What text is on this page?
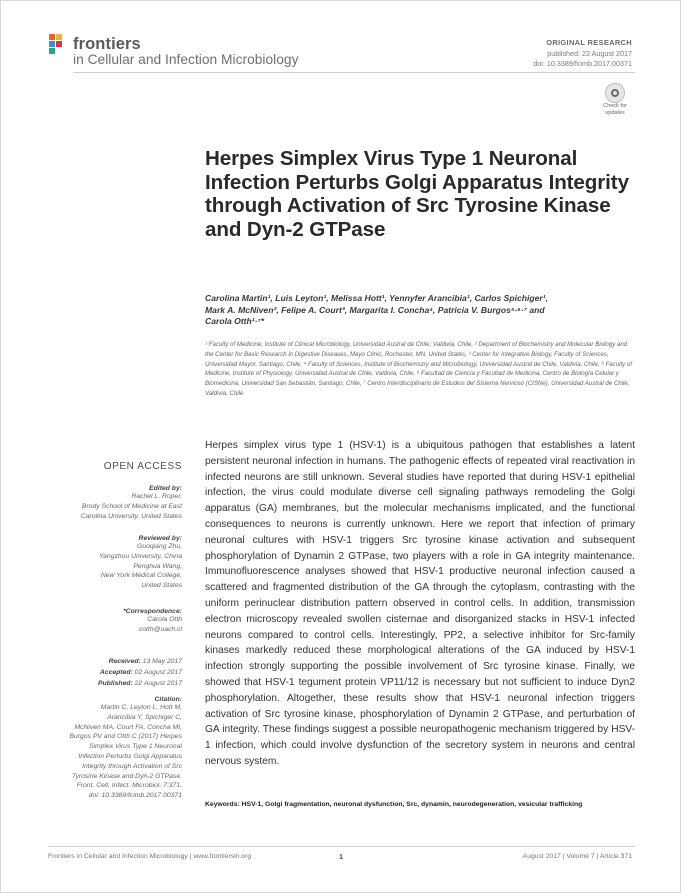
frontiers
in Cellular and Infection Microbiology
ORIGINAL RESEARCH
published: 22 August 2017
doi: 10.3389/fcimb.2017.00371
Check for updates
Herpes Simplex Virus Type 1 Neuronal Infection Perturbs Golgi Apparatus Integrity through Activation of Src Tyrosine Kinase and Dyn-2 GTPase
Carolina Martin¹, Luis Leyton¹, Melissa Hott¹, Yennyfer Arancibia¹, Carlos Spichiger¹,
Mark A. McNiven², Felipe A. Court³, Margarita I. Concha⁴, Patricia V. Burgos⁵·⁶·⁷ and
Carola Otth¹·⁷*
¹ Faculty of Medicine, Institute of Clinical Microbiology, Universidad Austral de Chile, Valdivia, Chile, ² Department of Biochemistry and Molecular Biology and the Center for Basic Research in Digestive Diseases, Mayo Clinic, Rochester, MN, United States, ³ Center for Integrative Biology, Faculty of Sciences, Universidad Mayor, Santiago, Chile, ⁴ Faculty of Sciences, Institute of Biochemistry and Microbiology, Universidad Austral de Chile, Valdivia, Chile, ⁵ Faculty of Medicine, Institute of Physiology, Universidad Austral de Chile, Valdivia, Chile, ⁶ Facultad de Ciencia y Facultad de Medicina, Centro de Biología Celular y Biomedicina, Universidad San Sebastián, Santiago, Chile, ⁷ Centro Interdisciplinario de Estudios del Sistema Nervioso (CISNe), Universidad Austral de Chile, Valdivia, Chile
OPEN ACCESS
Edited by:
Rachel L. Roper,
Brody School of Medicine at East
Carolina University, United States
Reviewed by:
Guoqiang Zhu,
Yangzhou University, China
Penghua Wang,
New York Medical College,
United States
*Correspondence:
Carola Otth
cotth@uach.cl
Received: 13 May 2017
Accepted: 02 August 2017
Published: 22 August 2017
Citation:
Martin C, Leyton L, Hott M,
Arancibia Y, Spichiger C,
McNiven MA, Court FA, Concha MI,
Burgos PV and Otth C (2017) Herpes
Simplex Virus Type 1 Neuronal
Infection Perturbs Golgi Apparatus
Integrity through Activation of Src
Tyrosine Kinase and Dyn-2 GTPase.
Front. Cell. Infect. Microbiol. 7:371.
doi: 10.3389/fcimb.2017.00371
Herpes simplex virus type 1 (HSV-1) is a ubiquitous pathogen that establishes a latent persistent neuronal infection in humans. The pathogenic effects of repeated viral reactivation in infected neurons are still unknown. Several studies have reported that during HSV-1 epithelial infection, the virus could modulate diverse cell signaling pathways remodeling the Golgi apparatus (GA) membranes, but the molecular mechanisms implicated, and the functional consequences to neurons is currently unknown. Here we report that infection of primary neuronal cultures with HSV-1 triggers Src tyrosine kinase activation and subsequent phosphorylation of Dynamin 2 GTPase, two players with a role in GA integrity maintenance. Immunofluorescence analyses showed that HSV-1 productive neuronal infection caused a scattered and fragmented distribution of the GA through the cytoplasm, contrasting with the uniform perinuclear distribution pattern observed in control cells. In addition, transmission electron microscopy revealed swollen cisternae and disorganized stacks in HSV-1 infected neurons compared to control cells. Interestingly, PP2, a selective inhibitor for Src-family kinases markedly reduced these morphological alterations of the GA induced by HSV-1 infection strongly supporting the possible involvement of Src tyrosine kinase. Finally, we showed that HSV-1 tegument protein VP11/12 is necessary but not sufficient to induce Dyn2 phosphorylation. Altogether, these results show that HSV-1 neuronal infection triggers activation of Src tyrosine kinase, phosphorylation of Dynamin 2 GTPase, and perturbation of GA integrity. These findings suggest a possible neuropathogenic mechanism triggered by HSV-1 infection, which could involve dysfunction of the secretory system in neurons and central nervous system.
Keywords: HSV-1, Golgi fragmentation, neuronal dysfunction, Src, dynamin, neurodegeneration, vesicular trafficking
Frontiers in Cellular and Infection Microbiology | www.frontiersin.org	1	August 2017 | Volume 7 | Article 371
